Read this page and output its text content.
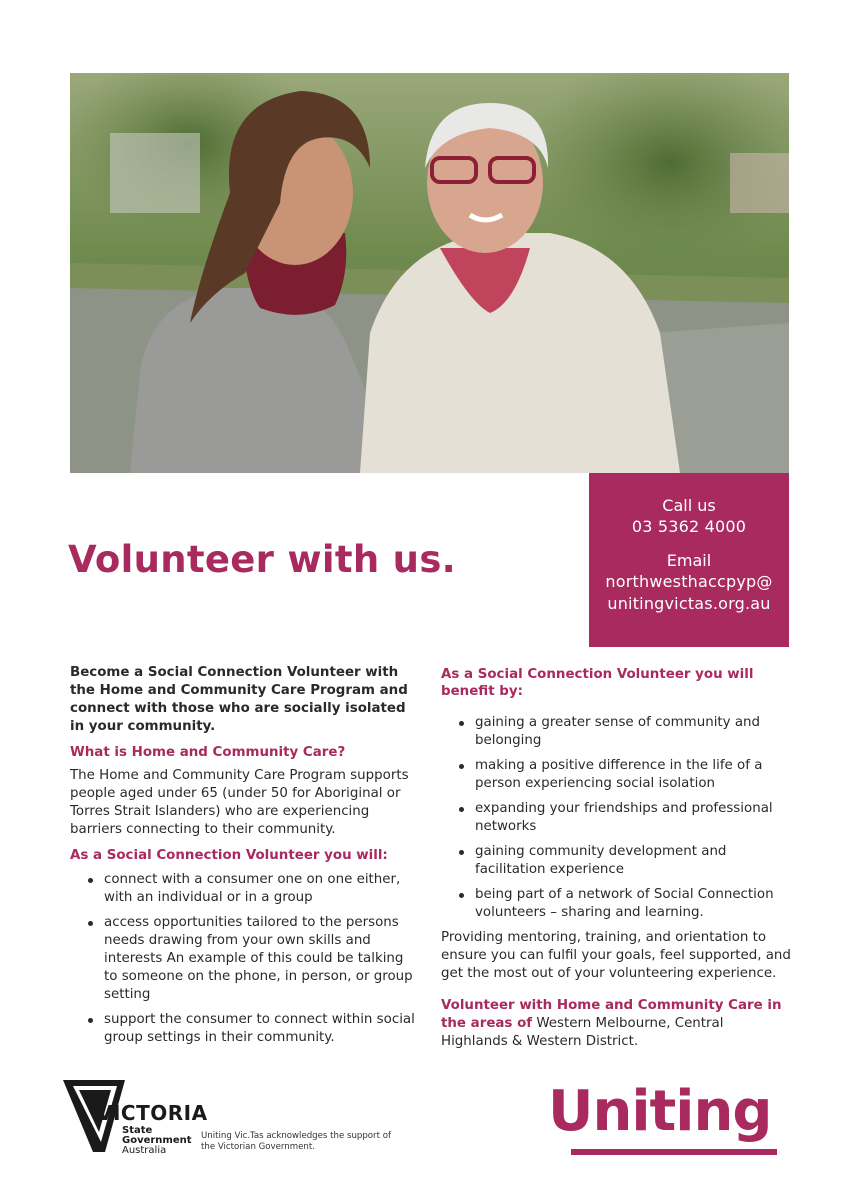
Call us
03 5362 4000
Email
northwesthaccpyp@
unitingvictas.org.au
Volunteer with us.

Become a Social Connection Volunteer with the Home and Community Care Program and connect with those who are socially isolated in your community.

What is Home and Community Care?

The Home and Community Care Program supports people aged under 65 (under 50 for Aboriginal or Torres Strait Islanders) who are experiencing barriers connecting to their community.

As a Social Connection Volunteer you will:
connect with a consumer one on one either, with an individual or in a group
access opportunities tailored to the persons needs drawing from your own skills and interests An example of this could be talking to someone on the phone, in person, or group setting
support the consumer to connect within social group settings in their community.
As a Social Connection Volunteer you will benefit by:
gaining a greater sense of community and belonging
making a positive difference in the life of a person experiencing social isolation
expanding your friendships and professional networks
gaining community development and facilitation experience
being part of a network of Social Connection volunteers – sharing and learning.

Providing mentoring, training, and orientation to ensure you can fulfil your goals, feel supported, and get the most out of your volunteering experience.

Volunteer with Home and Community Care in the areas of Western Melbourne, Central Highlands & Western District.

VICTORIA
State
Government
Australia
Uniting Vic.Tas acknowledges the support of the Victorian Government.
Uniting
